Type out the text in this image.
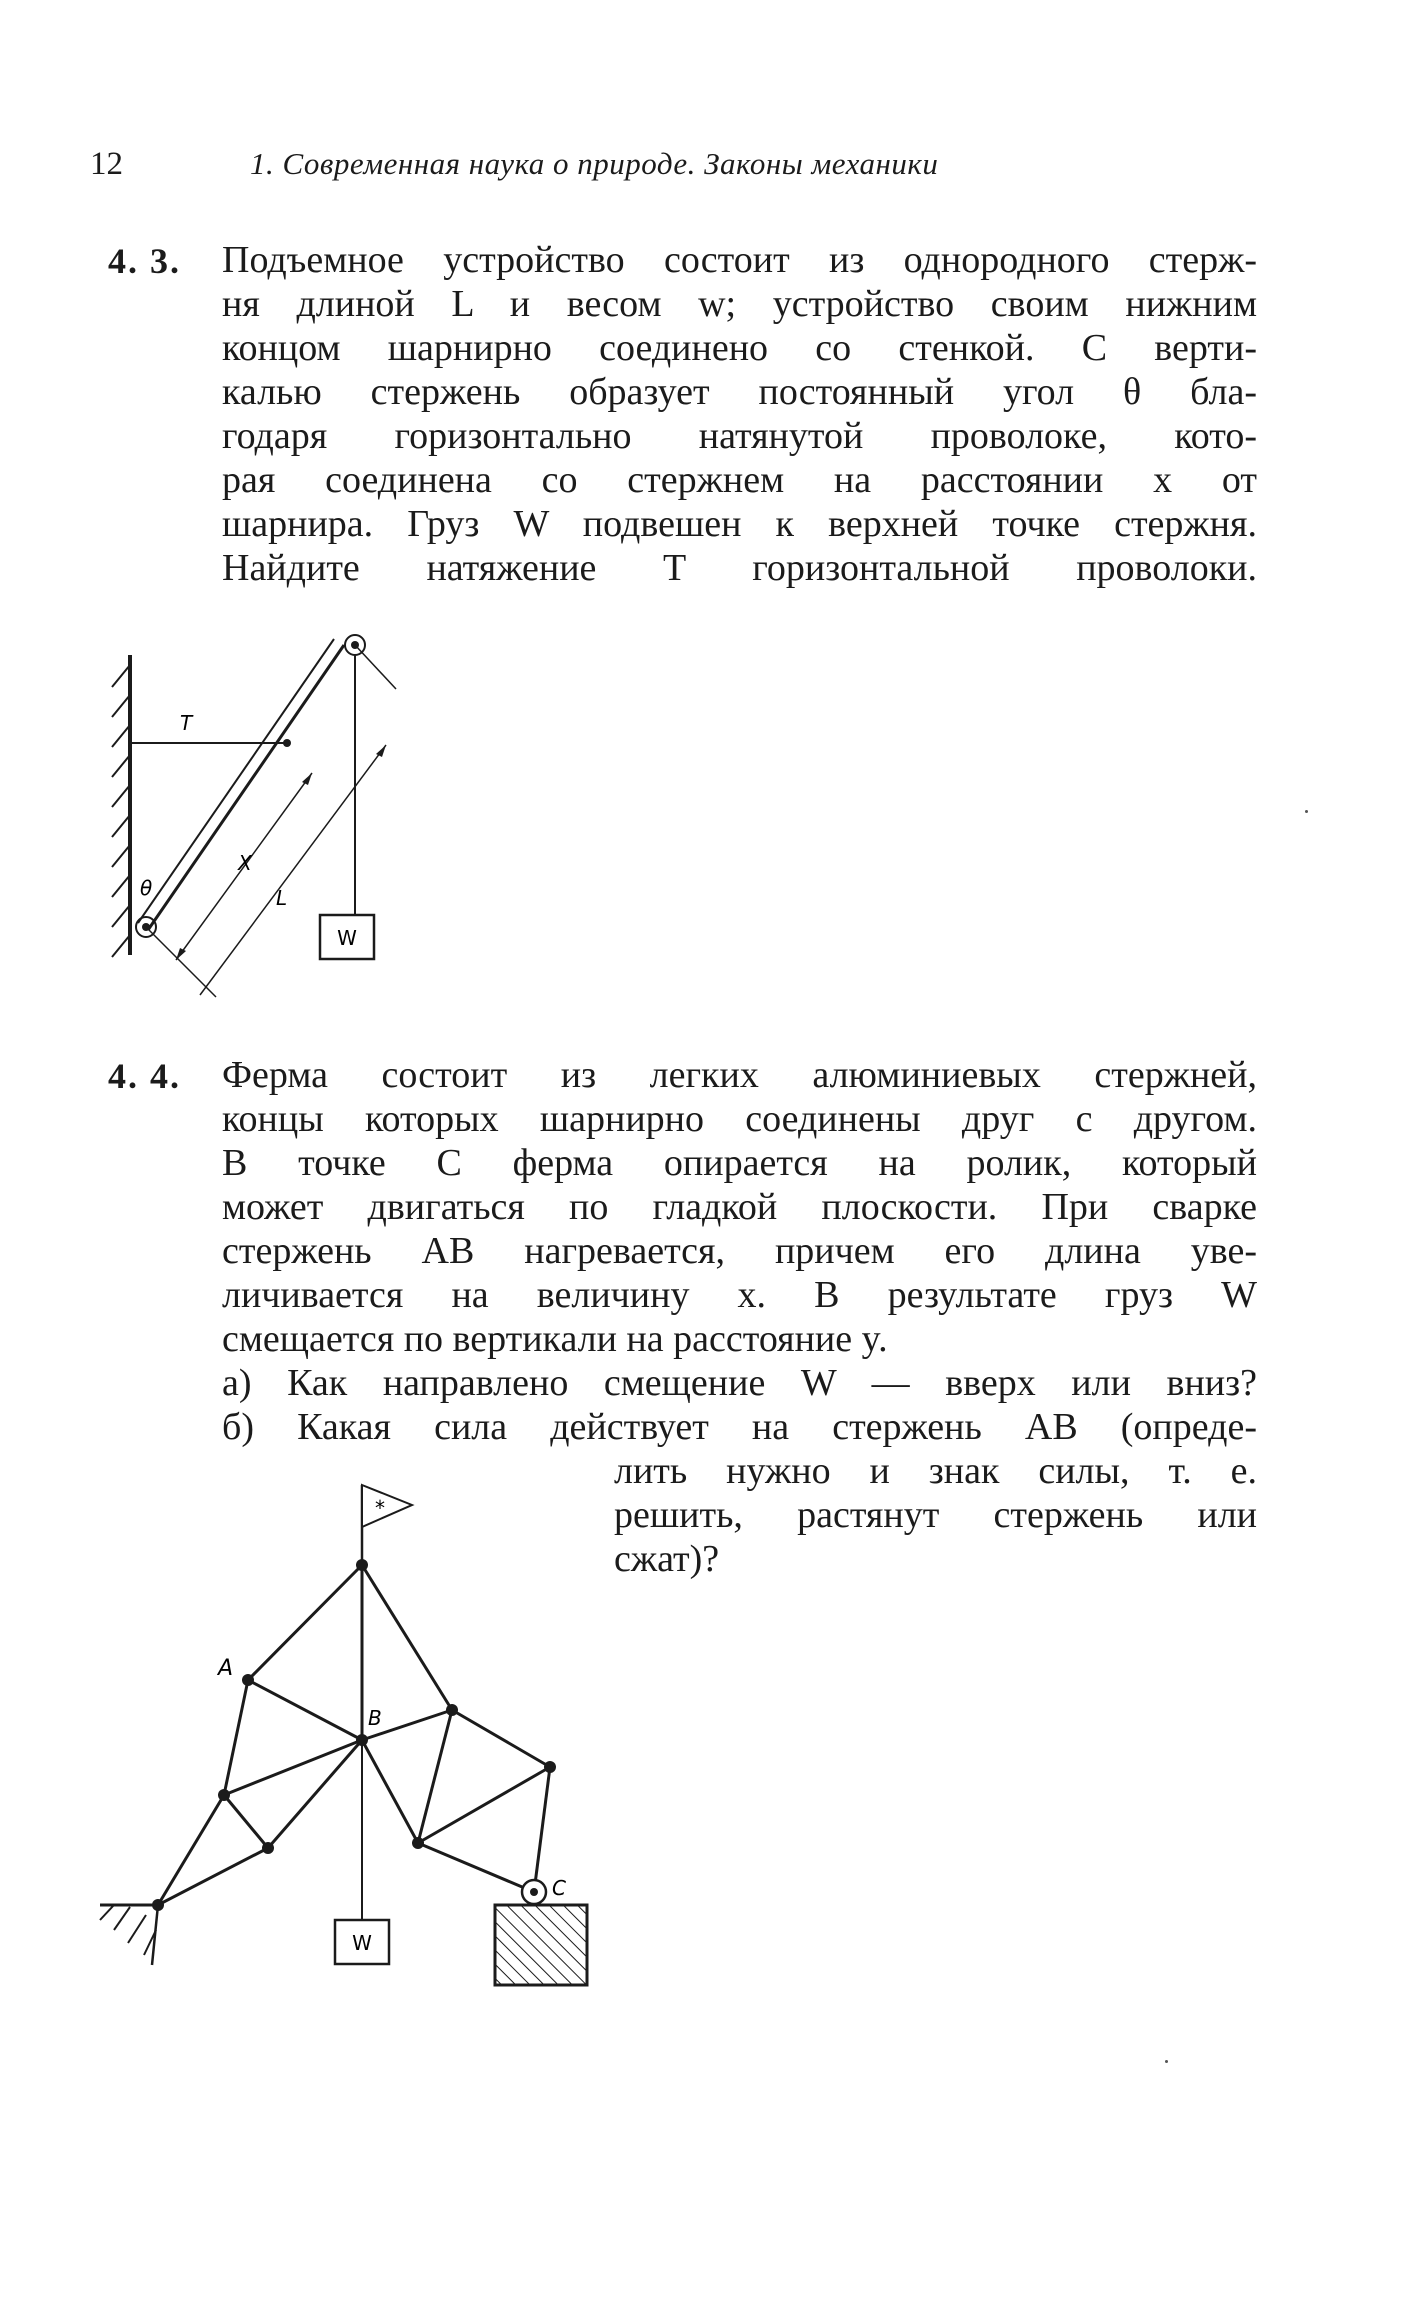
12	1. Современная наука о природе. Законы механики
4. 3. Подъемное устройство состоит из однородного стерж-
ня длиной L и весом w; устройство своим нижним
концом шарнирно соединено со стенкой. С верти-
калью стержень образует постоянный угол θ бла-
годаря горизонтально натянутой проволоке, кото-
рая соединена со стержнем на расстоянии x от
шарнира. Груз W подвешен к верхней точке стержня.
Найдите натяжение T горизонтальной проволоки.
T
θ
X
L
W
4. 4. Ферма состоит из легких алюминиевых стержней,
концы которых шарнирно соединены друг с другом.
В точке C ферма опирается на ролик, который
может двигаться по гладкой плоскости. При сварке
стержень AB нагревается, причем его длина уве-
личивается на величину x. В результате груз W
смещается по вертикали на расстояние y.
а) Как направлено смещение W — вверх или вниз?
б) Какая сила действует на стержень AB (опреде-
лить нужно и знак силы, т. е.
решить, растянут стержень или
сжат)?
*
A
B
W
C
